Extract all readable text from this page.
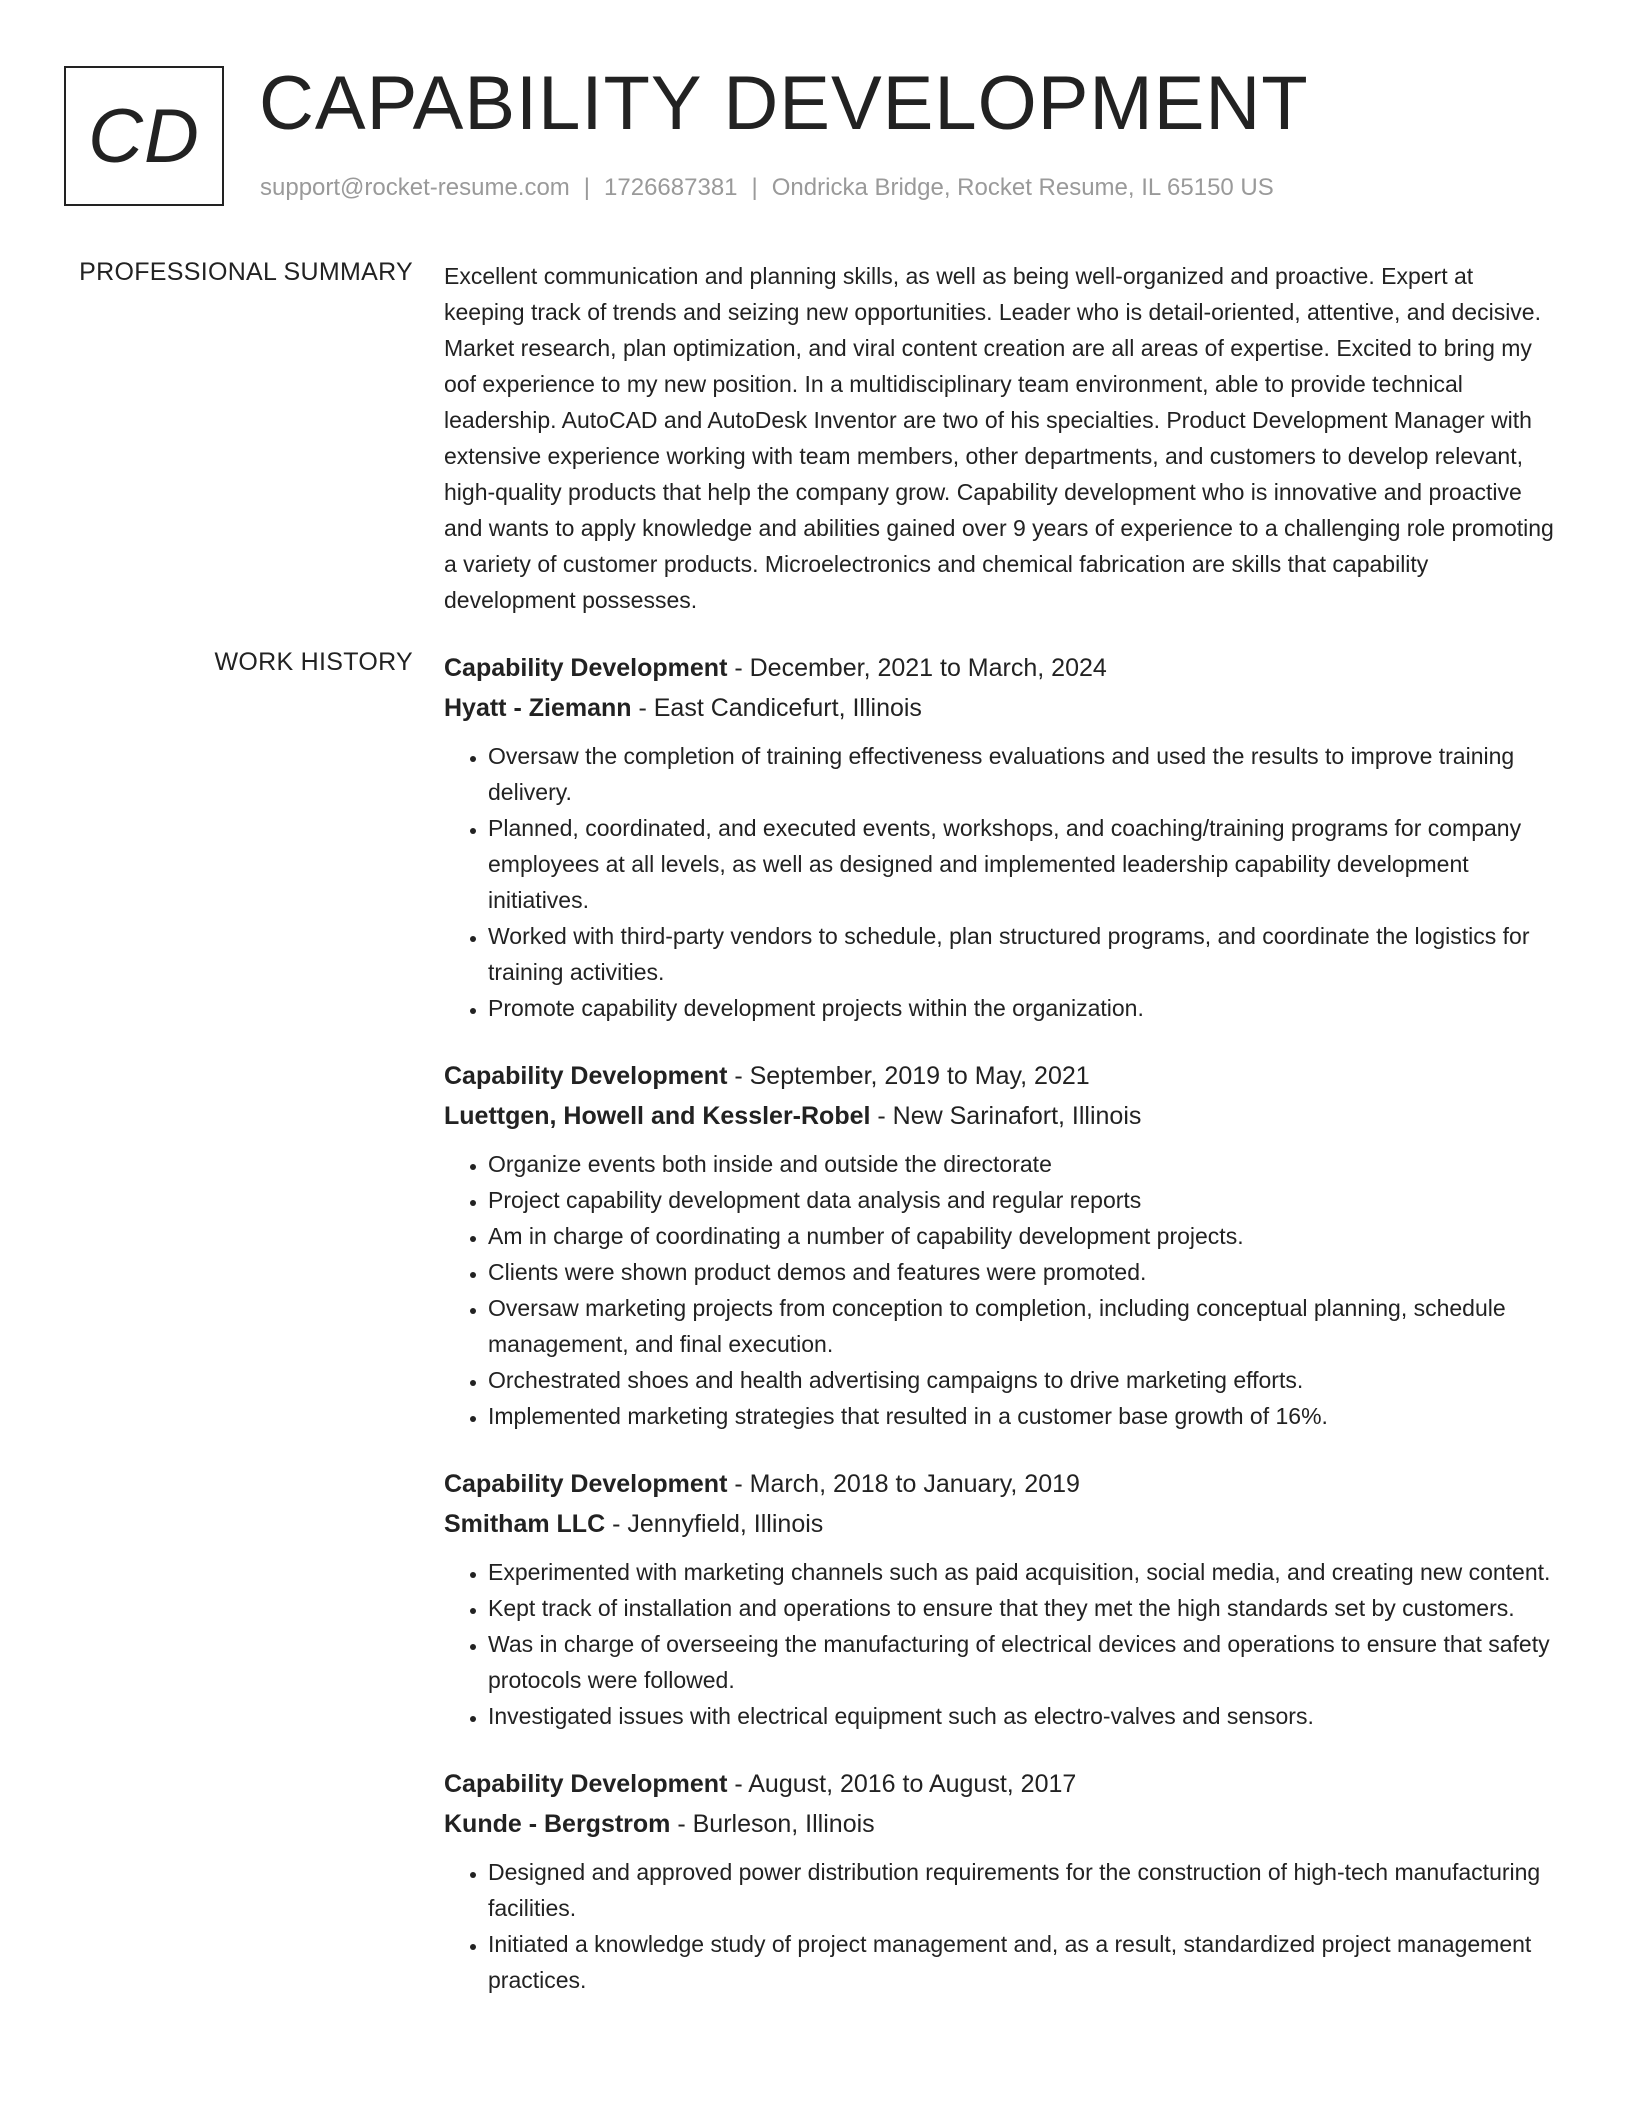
CD CAPABILITY DEVELOPMENT
support@rocket-resume.com | 1726687381 | Ondricka Bridge, Rocket Resume, IL 65150 US
PROFESSIONAL SUMMARY Excellent communication and planning skills, as well as being well-organized and proactive. Expert at keeping track of trends and seizing new opportunities. Leader who is detail-oriented, attentive, and decisive. Market research, plan optimization, and viral content creation are all areas of expertise. Excited to bring my oof experience to my new position. In a multidisciplinary team environment, able to provide technical leadership. AutoCAD and AutoDesk Inventor are two of his specialties. Product Development Manager with extensive experience working with team members, other departments, and customers to develop relevant, high-quality products that help the company grow. Capability development who is innovative and proactive and wants to apply knowledge and abilities gained over 9 years of experience to a challenging role promoting a variety of customer products. Microelectronics and chemical fabrication are skills that capability development possesses.
WORK HISTORY Capability Development - December, 2021 to March, 2024
Hyatt - Ziemann - East Candicefurt, Illinois
• Oversaw the completion of training effectiveness evaluations and used the results to improve training delivery.
• Planned, coordinated, and executed events, workshops, and coaching/training programs for company employees at all levels, as well as designed and implemented leadership capability development initiatives.
• Worked with third-party vendors to schedule, plan structured programs, and coordinate the logistics for training activities.
• Promote capability development projects within the organization.
Capability Development - September, 2019 to May, 2021
Luettgen, Howell and Kessler-Robel - New Sarinafort, Illinois
• Organize events both inside and outside the directorate
• Project capability development data analysis and regular reports
• Am in charge of coordinating a number of capability development projects.
• Clients were shown product demos and features were promoted.
• Oversaw marketing projects from conception to completion, including conceptual planning, schedule management, and final execution.
• Orchestrated shoes and health advertising campaigns to drive marketing efforts.
• Implemented marketing strategies that resulted in a customer base growth of 16%.
Capability Development - March, 2018 to January, 2019
Smitham LLC - Jennyfield, Illinois
• Experimented with marketing channels such as paid acquisition, social media, and creating new content.
• Kept track of installation and operations to ensure that they met the high standards set by customers.
• Was in charge of overseeing the manufacturing of electrical devices and operations to ensure that safety protocols were followed.
• Investigated issues with electrical equipment such as electro-valves and sensors.
Capability Development - August, 2016 to August, 2017
Kunde - Bergstrom - Burleson, Illinois
• Designed and approved power distribution requirements for the construction of high-tech manufacturing facilities.
• Initiated a knowledge study of project management and, as a result, standardized project management practices.
